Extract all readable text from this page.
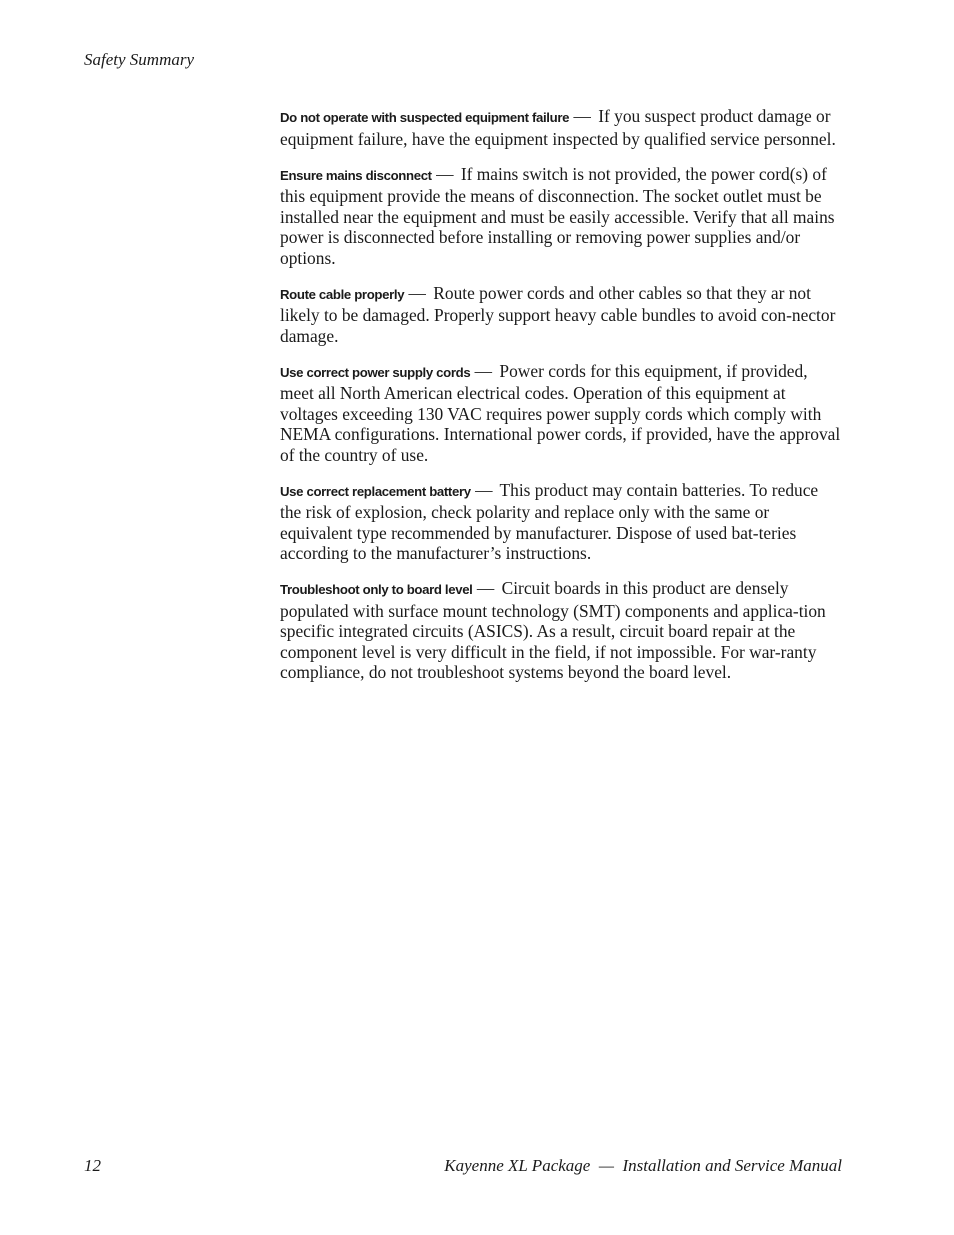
Safety Summary

Do not operate with suspected equipment failure — If you suspect product damage or equipment failure, have the equipment inspected by qualified service personnel.

Ensure mains disconnect — If mains switch is not provided, the power cord(s) of this equipment provide the means of disconnection. The socket outlet must be installed near the equipment and must be easily accessible. Verify that all mains power is disconnected before installing or removing power supplies and/or options.

Route cable properly — Route power cords and other cables so that they ar not likely to be damaged. Properly support heavy cable bundles to avoid con-nector damage.

Use correct power supply cords — Power cords for this equipment, if provided, meet all North American electrical codes. Operation of this equipment at voltages exceeding 130 VAC requires power supply cords which comply with NEMA configurations. International power cords, if provided, have the approval of the country of use.

Use correct replacement battery — This product may contain batteries. To reduce the risk of explosion, check polarity and replace only with the same or equivalent type recommended by manufacturer. Dispose of used bat-teries according to the manufacturer’s instructions.

Troubleshoot only to board level — Circuit boards in this product are densely populated with surface mount technology (SMT) components and applica-tion specific integrated circuits (ASICS). As a result, circuit board repair at the component level is very difficult in the field, if not impossible. For war-ranty compliance, do not troubleshoot systems beyond the board level.

12	Kayenne XL Package  —  Installation and Service Manual
